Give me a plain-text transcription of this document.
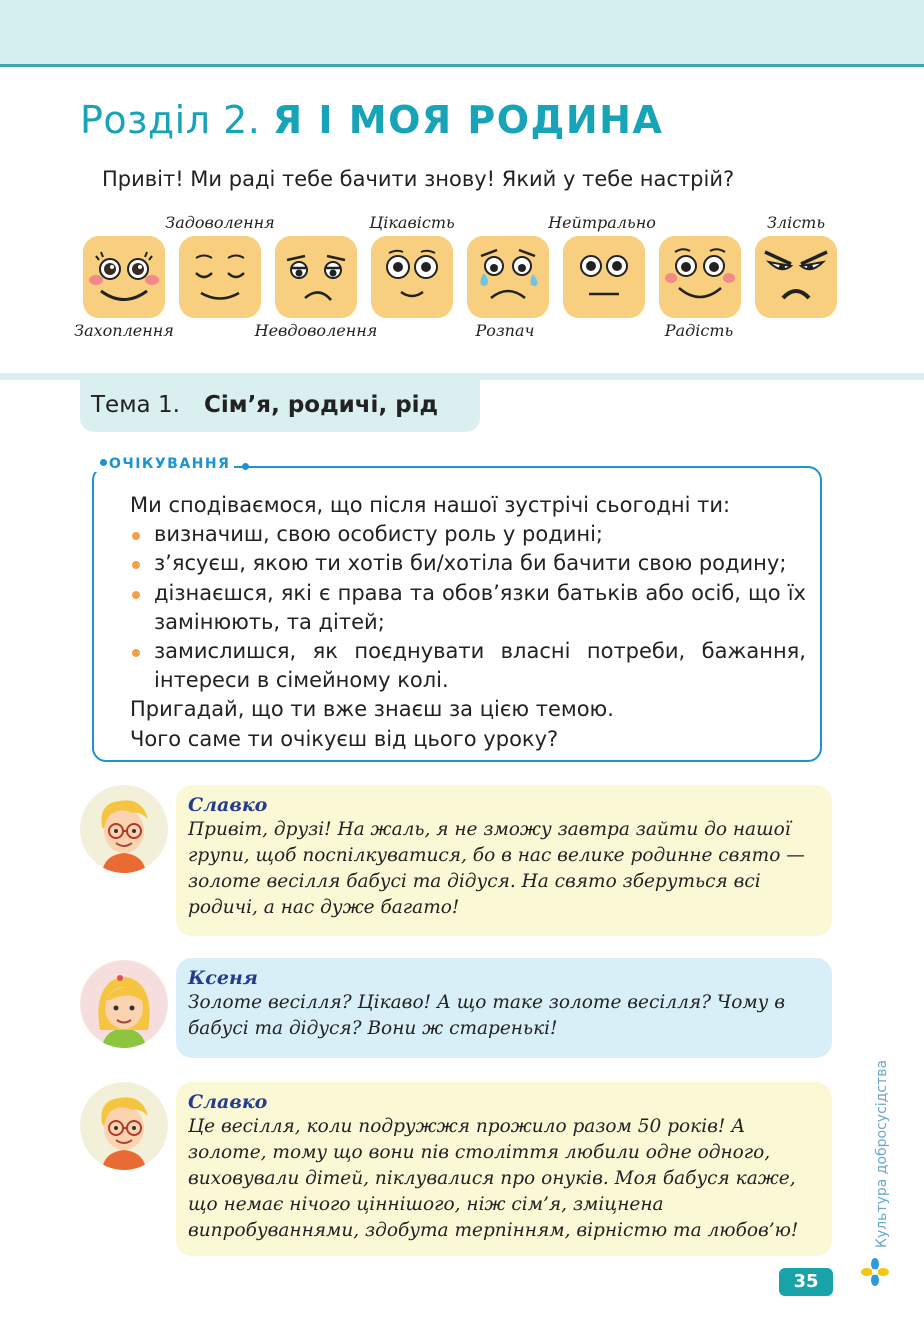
Розділ 2. Я І МОЯ РОДИНА
Привіт! Ми раді тебе бачити знову! Який у тебе настрій?
Захоплення
Задоволення
Невдоволення
Цікавість
Розпач
Нейтрально
Радість
Злість
Тема 1. Сім’я, родичі, рід
ОЧІКУВАННЯ
Ми сподіваємося, що після нашої зустрічі сьогодні ти:
визначиш, свою особисту роль у родині;
з’ясуєш, якою ти хотів би/хотіла би бачити свою родину;
дізнаєшся, які є права та обов’язки батьків або осіб, що їх замінюють, та дітей;
замислишся, як поєднувати власні потреби, бажання, інтереси в сімейному колі.
Пригадай, що ти вже знаєш за цією темою.
Чого саме ти очікуєш від цього уроку?
Славко
Привіт, друзі! На жаль, я не зможу завтра зайти до нашої групи, щоб поспілкуватися, бо в нас велике родинне свято — золоте весілля бабусі та дідуся. На свято зберуться всі родичі, а нас дуже багато!
Ксеня
Золоте весілля? Цікаво! А що таке золоте весілля? Чому в бабусі та дідуся? Вони ж старенькі!
Славко
Це весілля, коли подружжя прожило разом 50 років! А золоте, тому що вони пів століття любили одне одного, виховували дітей, піклувалися про онуків. Моя бабуся каже, що немає нічого ціннішого, ніж сім’я, зміцнена випробуваннями, здобута терпінням, вірністю та любов’ю!	Культура добросусідства
35
